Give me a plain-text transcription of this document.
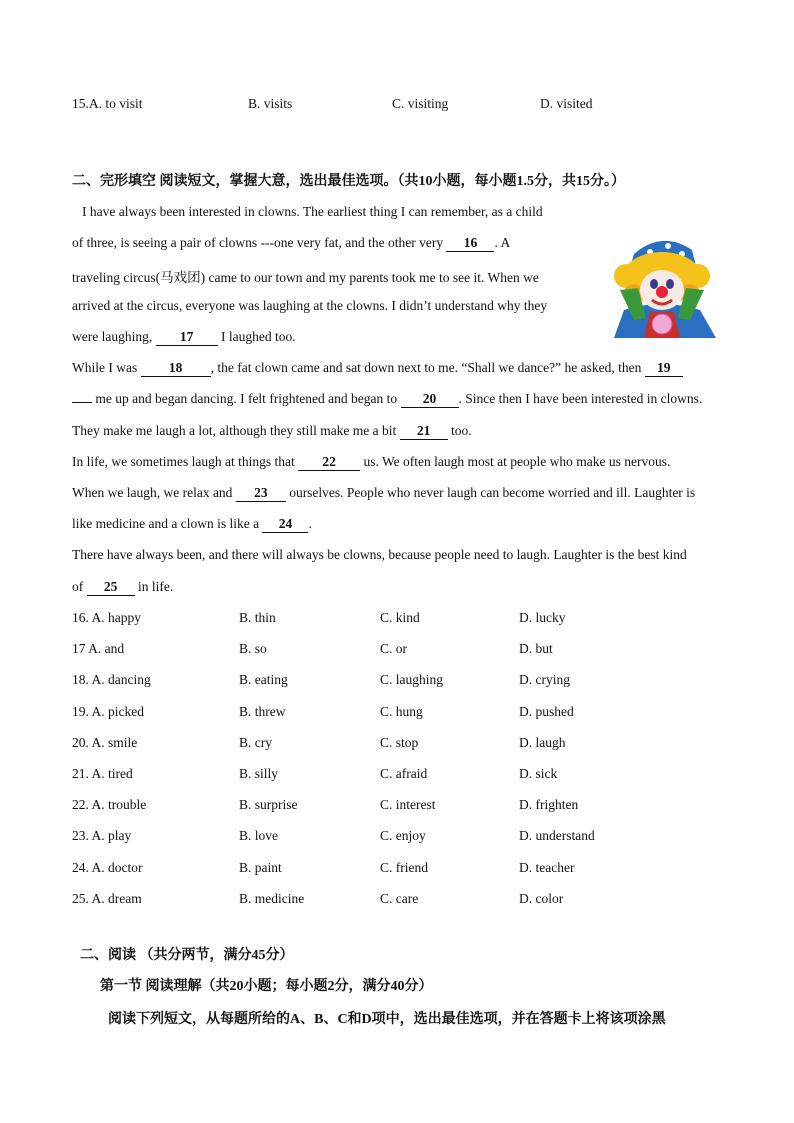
15.A. to visit	B. visits	C. visiting	D. visited
二、完形填空 阅读短文，掌握大意，选出最佳选项。（共10小题，每小题1.5分，共15分。）
I have always been interested in clowns. The earliest thing I can remember, as a child
of three, is seeing a pair of clowns ---one very fat, and the other very 16 . A
traveling circus(马戏团) came to our town and my parents took me to see it. When we
arrived at the circus, everyone was laughing at the clowns. I didn’t understand why they
were laughing, 17 I laughed too.
While I was 18 , the fat clown came and sat down next to me. “Shall we dance?” he asked, then 19
me up and began dancing. I felt frightened and began to 20 . Since then I have been interested in clowns.
They make me laugh a lot, although they still make me a bit 21 too.
In life, we sometimes laugh at things that 22 us. We often laugh most at people who make us nervous.
When we laugh, we relax and 23 ourselves. People who never laugh can become worried and ill. Laughter is
like medicine and a clown is like a 24 .
There have always been, and there will always be clowns, because people need to laugh. Laughter is the best kind
of 25 in life.
16. A. happy	B. thin	C. kind	D. lucky
17 A. and	B. so	C. or	D. but
18. A. dancing	B. eating	C. laughing	D. crying
19. A. picked	B. threw	C. hung	D. pushed
20. A. smile	B. cry	C. stop	D. laugh
21. A. tired	B. silly	C. afraid	D. sick
22. A. trouble	B. surprise	C. interest	D. frighten
23. A. play	B. love	C. enjoy	D. understand
24. A. doctor	B. paint	C. friend	D. teacher
25. A. dream	B. medicine	C. care	D. color
二、阅读 （共分两节，满分45分）
第一节 阅读理解（共20小题；每小题2分，满分40分）
阅读下列短文，从每题所给的A、B、C和D项中，选出最佳选项，并在答题卡上将该项涂黑
